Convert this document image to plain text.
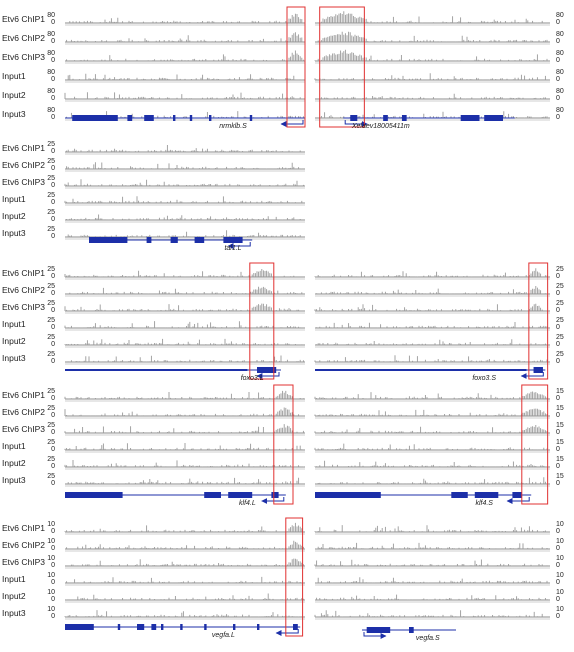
80
0
Etv6 ChIP1
80
0
Etv6 ChIP2
80
0
Etv6 ChIP3
80
0
Input1
80
0
Input2
80
0
Input3
nrmklb.S
80
0
80
0
80
0
80
0
80
0
80
0
Xelaev18005411m
25
0
Etv6 ChIP1
25
0
Etv6 ChIP2
25
0
Etv6 ChIP3
25
0
Input1
25
0
Input2
25
0
Input3
tal1.L
25
0
Etv6 ChIP1
25
0
Etv6 ChIP2
25
0
Etv6 ChIP3
25
0
Input1
25
0
Input2
25
0
Input3
foxo3.L
25
0
25
0
25
0
25
0
25
0
25
0
foxo3.S
25
0
Etv6 ChIP1
25
0
Etv6 ChIP2
25
0
Etv6 ChIP3
25
0
Input1
25
0
Input2
25
0
Input3
klf4.L
15
0
15
0
15
0
15
0
15
0
15
0
klf4.S
10
0
Etv6 ChIP1
10
0
Etv6 ChIP2
10
0
Etv6 ChIP3
10
0
Input1
10
0
Input2
10
0
Input3
vegfa.L
10
0
10
0
10
0
10
0
10
0
10
0
vegfa.S
